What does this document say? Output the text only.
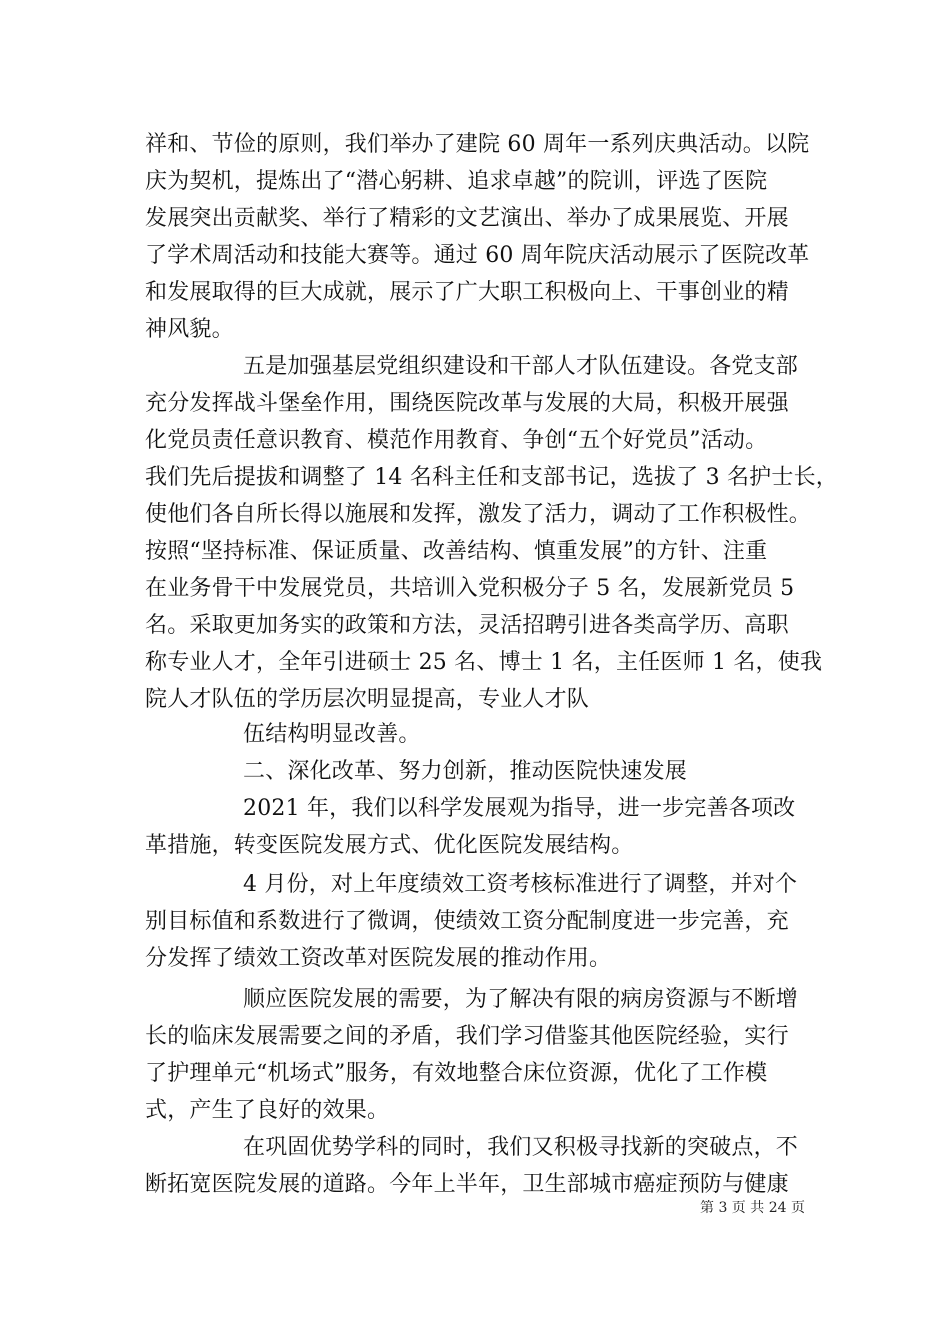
祥和、节俭的原则，我们举办了建院 60 周年一系列庆典活动。以院
庆为契机，提炼出了“潜心躬耕、追求卓越”的院训，评选了医院
发展突出贡献奖、举行了精彩的文艺演出、举办了成果展览、开展
了学术周活动和技能大赛等。通过 60 周年院庆活动展示了医院改革
和发展取得的巨大成就，展示了广大职工积极向上、干事创业的精
神风貌。
五是加强基层党组织建设和干部人才队伍建设。各党支部
充分发挥战斗堡垒作用，围绕医院改革与发展的大局，积极开展强
化党员责任意识教育、模范作用教育、争创“五个好党员”活动。
我们先后提拔和调整了 14 名科主任和支部书记，选拔了 3 名护士长，
使他们各自所长得以施展和发挥，激发了活力，调动了工作积极性。
按照“坚持标准、保证质量、改善结构、慎重发展”的方针、注重
在业务骨干中发展党员，共培训入党积极分子 5 名，发展新党员 5
名。采取更加务实的政策和方法，灵活招聘引进各类高学历、高职
称专业人才，全年引进硕士 25 名、博士 1 名，主任医师 1 名，使我
院人才队伍的学历层次明显提高，专业人才队
伍结构明显改善。
二、深化改革、努力创新，推动医院快速发展
2021 年，我们以科学发展观为指导，进一步完善各项改
革措施，转变医院发展方式、优化医院发展结构。
4 月份，对上年度绩效工资考核标准进行了调整，并对个
别目标值和系数进行了微调，使绩效工资分配制度进一步完善，充
分发挥了绩效工资改革对医院发展的推动作用。
顺应医院发展的需要，为了解决有限的病房资源与不断增
长的临床发展需要之间的矛盾，我们学习借鉴其他医院经验，实行
了护理单元“机场式”服务，有效地整合床位资源，优化了工作模
式，产生了良好的效果。
在巩固优势学科的同时，我们又积极寻找新的突破点，不
断拓宽医院发展的道路。今年上半年，卫生部城市癌症预防与健康
第 3 页 共 24 页
